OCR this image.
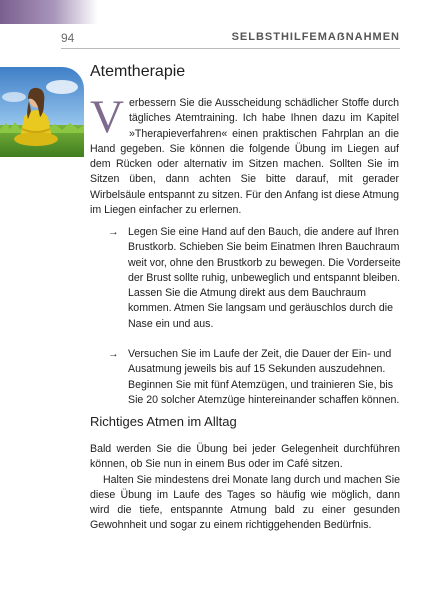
94	SELBSTHILFEMAẞNAHMEN
Atemtherapie

Verbessern Sie die Ausscheidung schädlicher Stoffe durch tägliches Atemtraining. Ich habe Ihnen dazu im Kapitel »Therapieverfahren« einen praktischen Fahrplan an die Hand gegeben. Sie können die folgende Übung im Liegen auf dem Rücken oder alternativ im Sitzen machen. Sollten Sie im Sitzen üben, dann achten Sie bitte darauf, mit gerader Wirbelsäule entspannt zu sitzen. Für den Anfang ist diese Atmung im Liegen einfacher zu erlernen.

→ Legen Sie eine Hand auf den Bauch, die andere auf Ihren Brustkorb. Schieben Sie beim Einatmen Ihren Bauchraum weit vor, ohne den Brustkorb zu bewegen. Die Vorderseite der Brust sollte ruhig, unbeweglich und entspannt bleiben. Lassen Sie die Atmung direkt aus dem Bauchraum kommen. Atmen Sie langsam und geräuschlos durch die Nase ein und aus.

→ Versuchen Sie im Laufe der Zeit, die Dauer der Ein- und Ausatmung jeweils bis auf 15 Sekunden auszudehnen. Beginnen Sie mit fünf Atemzügen, und trainieren Sie, bis Sie 20 solcher Atemzüge hintereinander schaffen können.

Richtiges Atmen im Alltag

Bald werden Sie die Übung bei jeder Gelegenheit durchführen können, ob Sie nun in einem Bus oder im Café sitzen.

Halten Sie mindestens drei Monate lang durch und machen Sie diese Übung im Laufe des Tages so häufig wie möglich, dann wird die tiefe, entspannte Atmung bald zu einer gesunden Gewohnheit und sogar zu einem richtiggehenden Bedürfnis.
